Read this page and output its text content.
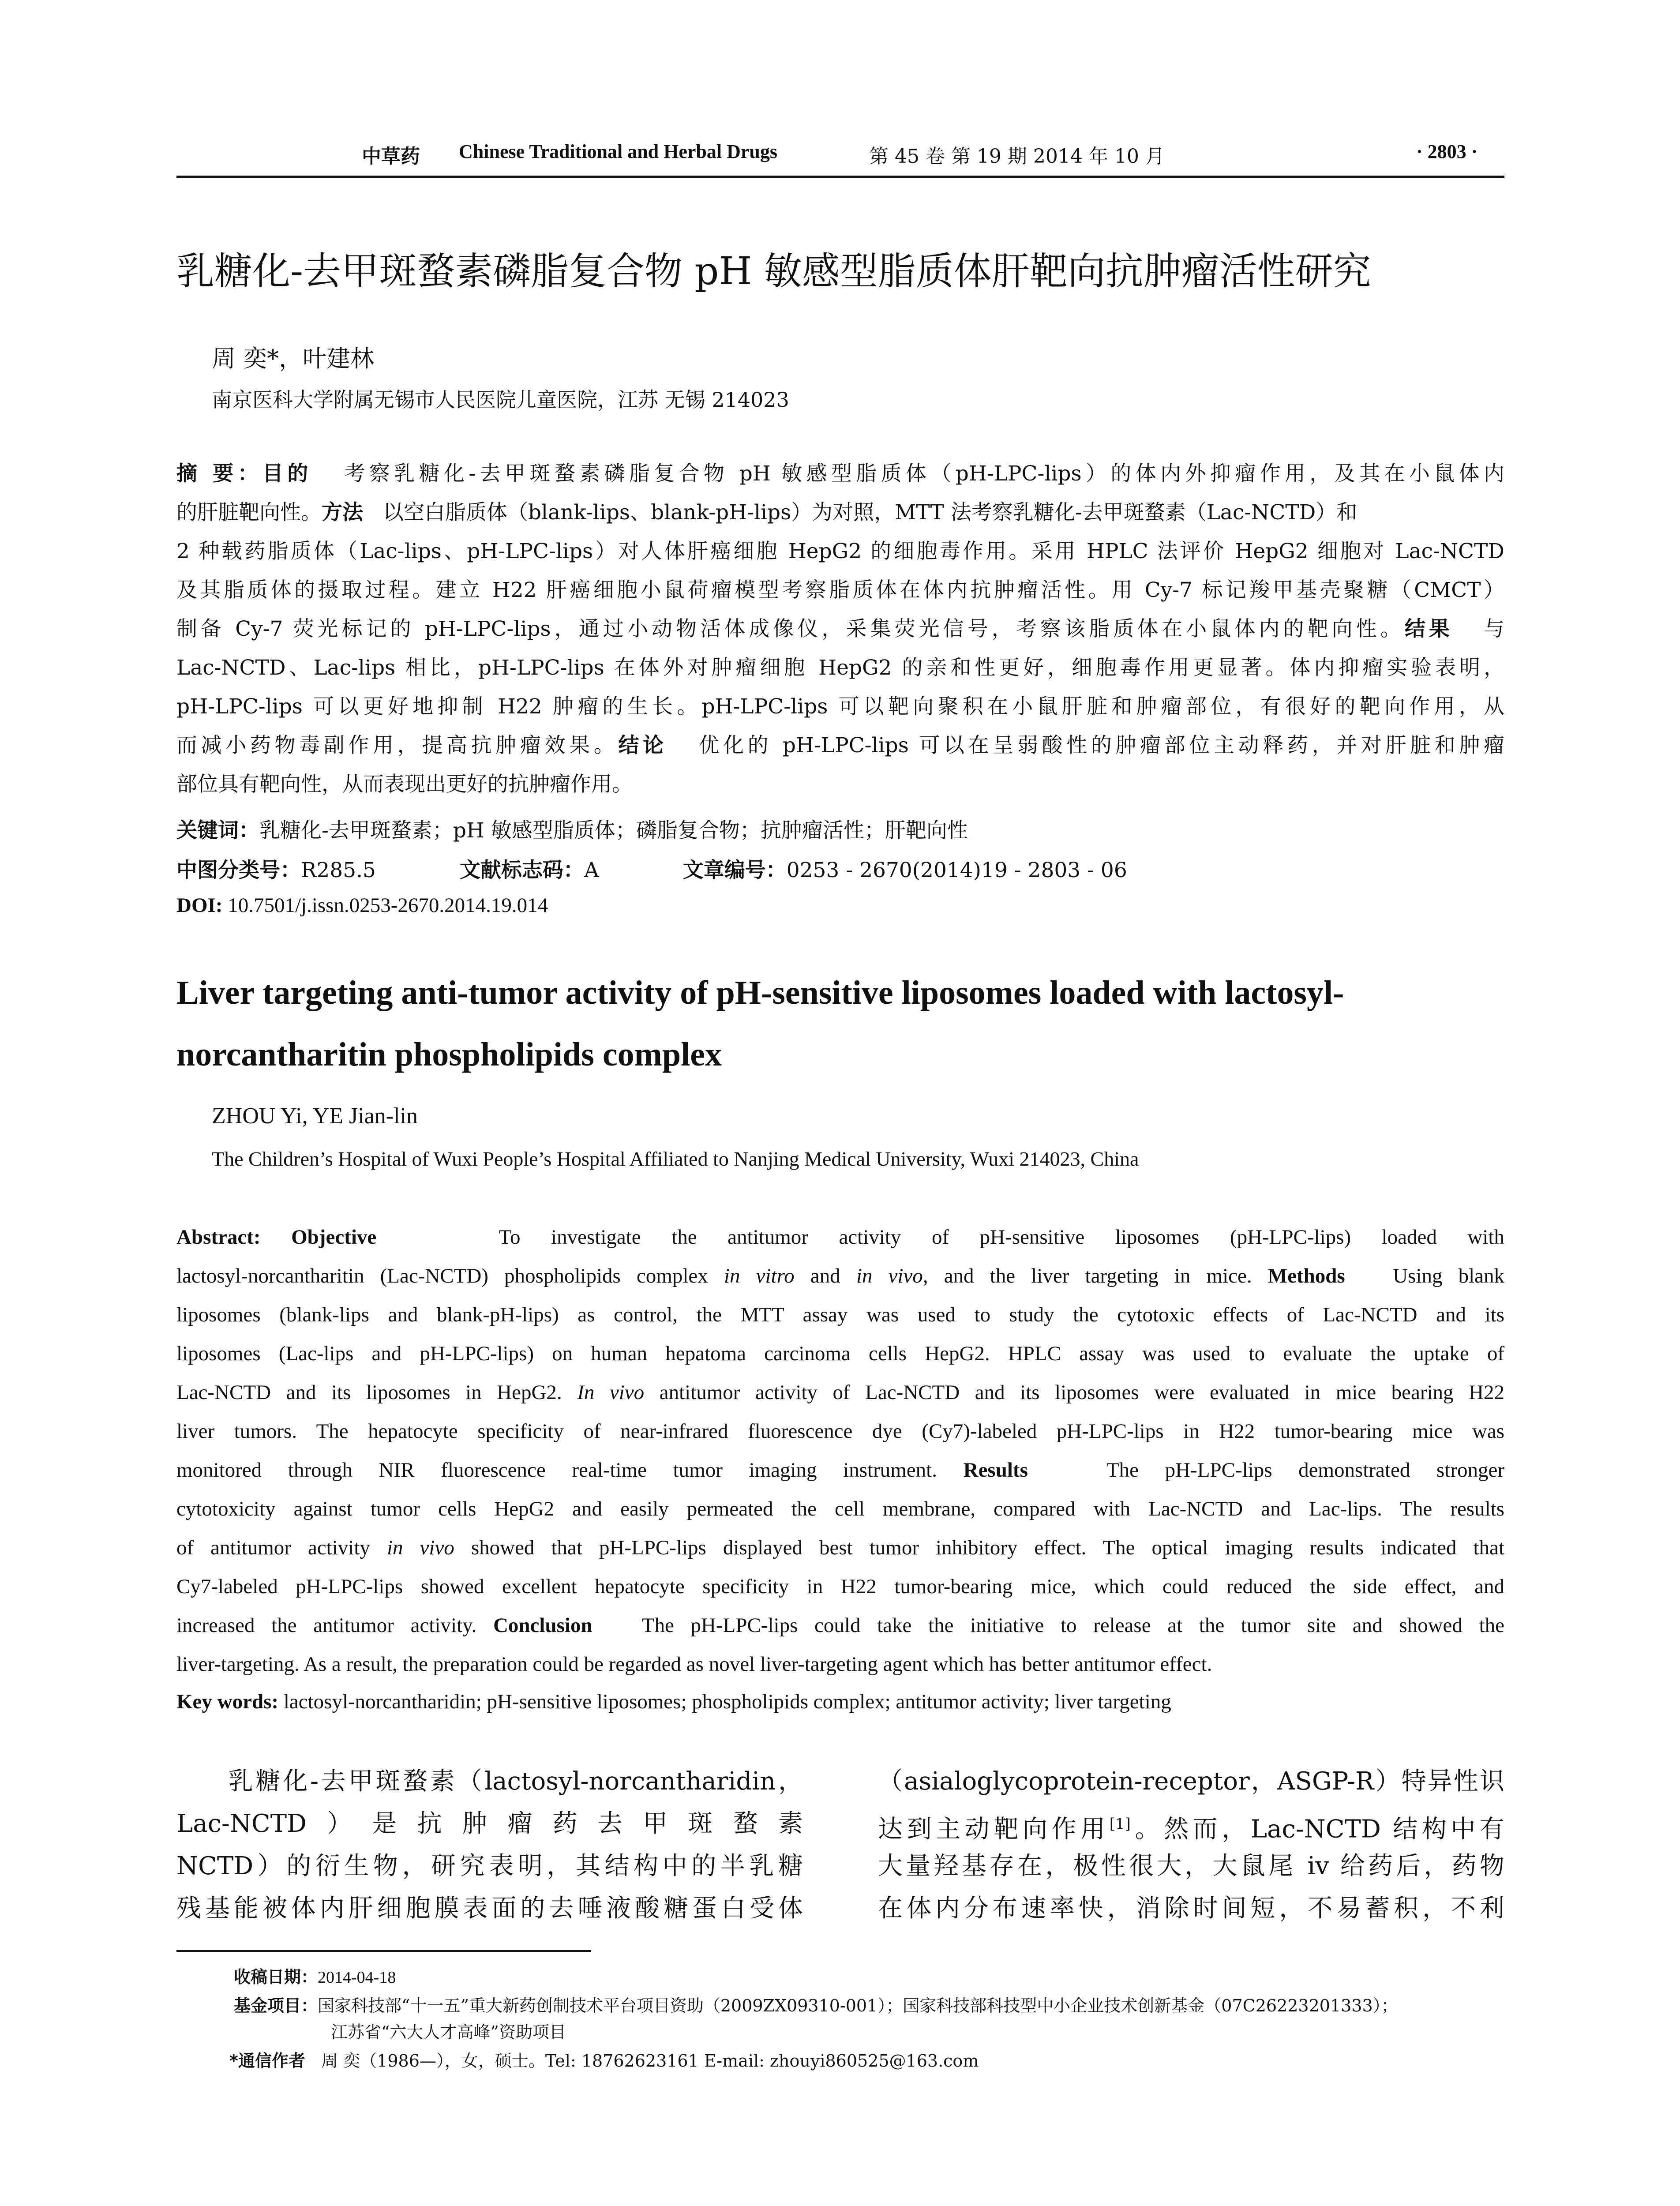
中草药 Chinese Traditional and Herbal Drugs	第 45 卷 第 19 期 2014 年 10 月	· 2803 ·
乳糖化-去甲斑蝥素磷脂复合物 pH 敏感型脂质体肝靶向抗肿瘤活性研究
周 奕*，叶建林
南京医科大学附属无锡市人民医院儿童医院，江苏 无锡 214023
摘 要：目的 考察乳糖化-去甲斑蝥素磷脂复合物 pH 敏感型脂质体（pH-LPC-lips）的体内外抑瘤作用，及其在小鼠体内
的肝脏靶向性。方法 以空白脂质体（blank-lips、blank-pH-lips）为对照，MTT 法考察乳糖化-去甲斑蝥素（Lac-NCTD）和
2 种载药脂质体（Lac-lips、pH-LPC-lips）对人体肝癌细胞 HepG2 的细胞毒作用。采用 HPLC 法评价 HepG2 细胞对 Lac-NCTD
及其脂质体的摄取过程。建立 H22 肝癌细胞小鼠荷瘤模型考察脂质体在体内抗肿瘤活性。用 Cy-7 标记羧甲基壳聚糖（CMCT）
制备 Cy-7 荧光标记的 pH-LPC-lips，通过小动物活体成像仪，采集荧光信号，考察该脂质体在小鼠体内的靶向性。结果 与
Lac-NCTD、Lac-lips 相比，pH-LPC-lips 在体外对肿瘤细胞 HepG2 的亲和性更好，细胞毒作用更显著。体内抑瘤实验表明，
pH-LPC-lips 可以更好地抑制 H22 肿瘤的生长。pH-LPC-lips 可以靶向聚积在小鼠肝脏和肿瘤部位，有很好的靶向作用，从
而减小药物毒副作用，提高抗肿瘤效果。结论 优化的 pH-LPC-lips 可以在呈弱酸性的肿瘤部位主动释药，并对肝脏和肿瘤
部位具有靶向性，从而表现出更好的抗肿瘤作用。
关键词：乳糖化-去甲斑蝥素；pH 敏感型脂质体；磷脂复合物；抗肿瘤活性；肝靶向性
中图分类号：R285.5	文献标志码：A	文章编号：0253 - 2670(2014)19 - 2803 - 06
DOI: 10.7501/j.issn.0253-2670.2014.19.014
Liver targeting anti-tumor activity of pH-sensitive liposomes loaded with lactosyl-norcantharitin phospholipids complex
ZHOU Yi, YE Jian-lin
The Children’s Hospital of Wuxi People’s Hospital Affiliated to Nanjing Medical University, Wuxi 214023, China
Abstract: Objective	To investigate the antitumor activity of pH-sensitive liposomes (pH-LPC-lips) loaded with
lactosyl-norcantharitin (Lac-NCTD) phospholipids complex in vitro and in vivo, and the liver targeting in mice. Methods Using blank
liposomes (blank-lips and blank-pH-lips) as control, the MTT assay was used to study the cytotoxic effects of Lac-NCTD and its
liposomes (Lac-lips and pH-LPC-lips) on human hepatoma carcinoma cells HepG2. HPLC assay was used to evaluate the uptake of
Lac-NCTD and its liposomes in HepG2. In vivo antitumor activity of Lac-NCTD and its liposomes were evaluated in mice bearing H22
liver tumors. The hepatocyte specificity of near-infrared fluorescence dye (Cy7)-labeled pH-LPC-lips in H22 tumor-bearing mice was
monitored through NIR fluorescence real-time tumor imaging instrument. Results	The pH-LPC-lips demonstrated stronger
cytotoxicity against tumor cells HepG2 and easily permeated the cell membrane, compared with Lac-NCTD and Lac-lips. The results
of antitumor activity in vivo showed that pH-LPC-lips displayed best tumor inhibitory effect. The optical imaging results indicated that
Cy7-labeled pH-LPC-lips showed excellent hepatocyte specificity in H22 tumor-bearing mice, which could reduced the side effect, and
increased the antitumor activity. Conclusion The pH-LPC-lips could take the initiative to release at the tumor site and showed the
liver-targeting. As a result, the preparation could be regarded as novel liver-targeting agent which has better antitumor effect.
Key words: lactosyl-norcantharidin; pH-sensitive liposomes; phospholipids complex; antitumor activity; liver targeting
乳糖化-去甲斑蝥素（lactosyl-norcantharidin，
Lac-NCTD）是抗肿瘤药去甲斑蝥素
NCTD）的衍生物，研究表明，其结构中的半乳糖
残基能被体内肝细胞膜表面的去唾液酸糖蛋白受体
（asialoglycoprotein-receptor，ASGP-R）特异性识
达到主动靶向作用[1]。然而，Lac-NCTD 结构中有
大量羟基存在，极性很大，大鼠尾 iv 给药后，药物
在体内分布速率快，消除时间短，不易蓄积，不利
收稿日期：2014-04-18
基金项目：国家科技部“十一五”重大新药创制技术平台项目资助（2009ZX09310-001）；国家科技部科技型中小企业技术创新基金（07C26223201333）；
江苏省“六大人才高峰”资助项目
*通信作者 周 奕（1986—），女，硕士。Tel: 18762623161 E-mail: zhouyi860525@163.com
